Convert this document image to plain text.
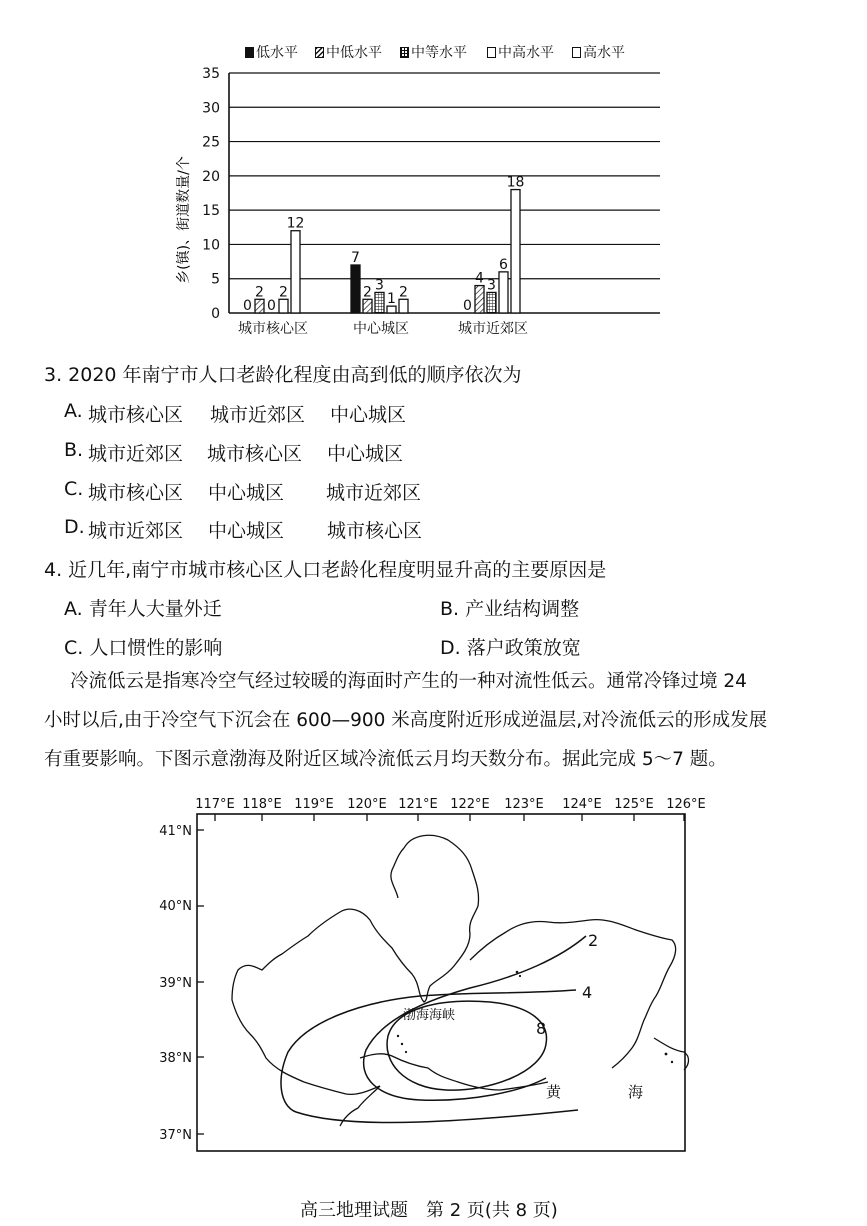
低水平 中低水平 中等水平 中高水平 高水平
0
5
10
15
20
25
30
35
0
2
0
2
12
城市核心区
7
2 3
1 2
中心城区
0
4 3
6
18
城市近郊区
乡(镇)、街道数量/个
3. 2020 年南宁市人口老龄化程度由高到低的顺序依次为
A. 城市核心区 城市近郊区 中心城区
B. 城市近郊区 城市核心区 中心城区
C. 城市核心区 中心城区 城市近郊区
D. 城市近郊区 中心城区 城市核心区
4. 近几年,南宁市城市核心区人口老龄化程度明显升高的主要原因是
A. 青年人大量外迁	B. 产业结构调整
C. 人口惯性的影响	D. 落户政策放宽
冷流低云是指寒冷空气经过较暖的海面时产生的一种对流性低云。通常冷锋过境 24
小时以后,由于冷空气下沉会在 600—900 米高度附近形成逆温层,对冷流低云的形成发展
有重要影响。下图示意渤海及附近区域冷流低云月均天数分布。据此完成 5～7 题。
117°E 118°E 119°E 120°E 121°E 122°E 123°E 124°E 125°E 126°E
41°N
40°N
39°N
38°N
37°N
2
4
8
渤海海峡
黄	海
高三地理试题　第 2 页(共 8 页)
